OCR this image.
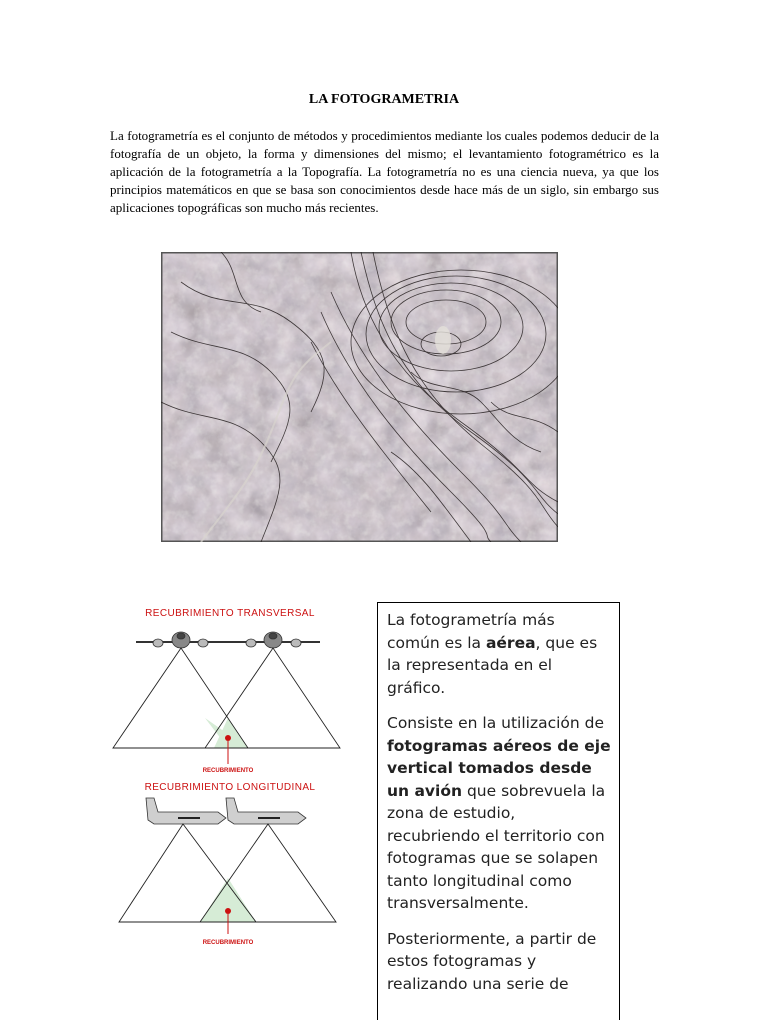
LA FOTOGRAMETRIA
La fotogrametría es el conjunto de métodos y procedimientos mediante los cuales podemos deducir de la fotografía de un objeto, la forma y dimensiones del mismo; el levantamiento fotogramétrico es la aplicación de la fotogrametría a la Topografía. La fotogrametría no es una ciencia nueva, ya que los principios matemáticos en que se basa son conocimientos desde hace más de un siglo, sin embargo sus aplicaciones topográficas son mucho más recientes.
RECUBRIMIENTO TRANSVERSAL
RECUBRIMIENTO
RECUBRIMIENTO LONGITUDINAL
RECUBRIMIENTO

La fotogrametría más común es la aérea, que es la representada en el gráfico.

Consiste en la utilización de fotogramas aéreos de eje vertical tomados desde un avión que sobrevuela la zona de estudio, recubriendo el territorio con fotogramas que se solapen tanto longitudinal como transversalmente.

Posteriormente, a partir de estos fotogramas y realizando una serie de
